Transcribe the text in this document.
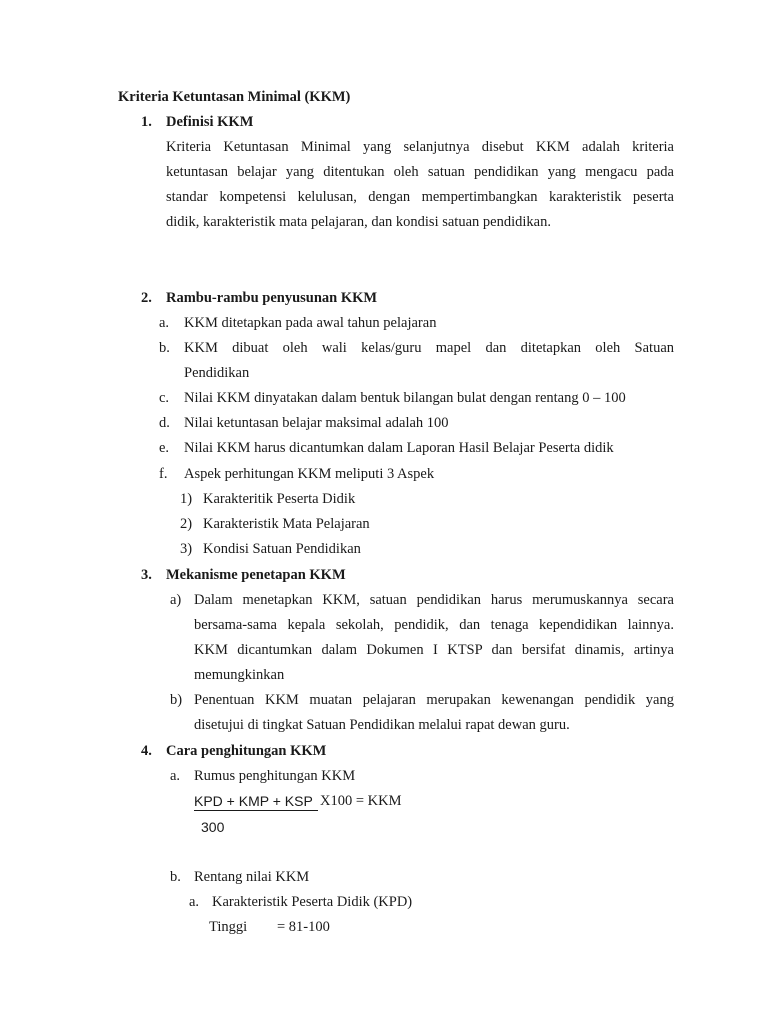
Kriteria Ketuntasan Minimal (KKM)
1. Definisi KKM
Kriteria Ketuntasan Minimal yang selanjutnya disebut KKM adalah kriteria
ketuntasan belajar yang ditentukan oleh satuan pendidikan yang mengacu pada
standar kompetensi kelulusan, dengan mempertimbangkan karakteristik peserta
didik, karakteristik mata pelajaran, dan kondisi satuan pendidikan.
2. Rambu-rambu penyusunan KKM
a. KKM ditetapkan pada awal tahun pelajaran
b. KKM dibuat oleh wali kelas/guru mapel dan ditetapkan oleh Satuan
Pendidikan
c. Nilai KKM dinyatakan dalam bentuk bilangan bulat dengan rentang 0 – 100
d. Nilai ketuntasan belajar maksimal adalah 100
e. Nilai KKM harus dicantumkan dalam Laporan Hasil Belajar Peserta didik
f. Aspek perhitungan KKM meliputi 3 Aspek
1) Karakteritik Peserta Didik
2) Karakteristik Mata Pelajaran
3) Kondisi Satuan Pendidikan
3. Mekanisme penetapan KKM
a) Dalam menetapkan KKM, satuan pendidikan harus merumuskannya secara
bersama-sama kepala sekolah, pendidik, dan tenaga kependidikan lainnya.
KKM dicantumkan dalam Dokumen I KTSP dan bersifat dinamis, artinya
memungkinkan
b) Penentuan KKM muatan pelajaran merupakan kewenangan pendidik yang
disetujui di tingkat Satuan Pendidikan melalui rapat dewan guru.
4. Cara penghitungan KKM
a. Rumus penghitungan KKM
KPD + KMP + KSP X100 = KKM
300
b. Rentang nilai KKM
a. Karakteristik Peserta Didik (KPD)
Tinggi = 81-100
